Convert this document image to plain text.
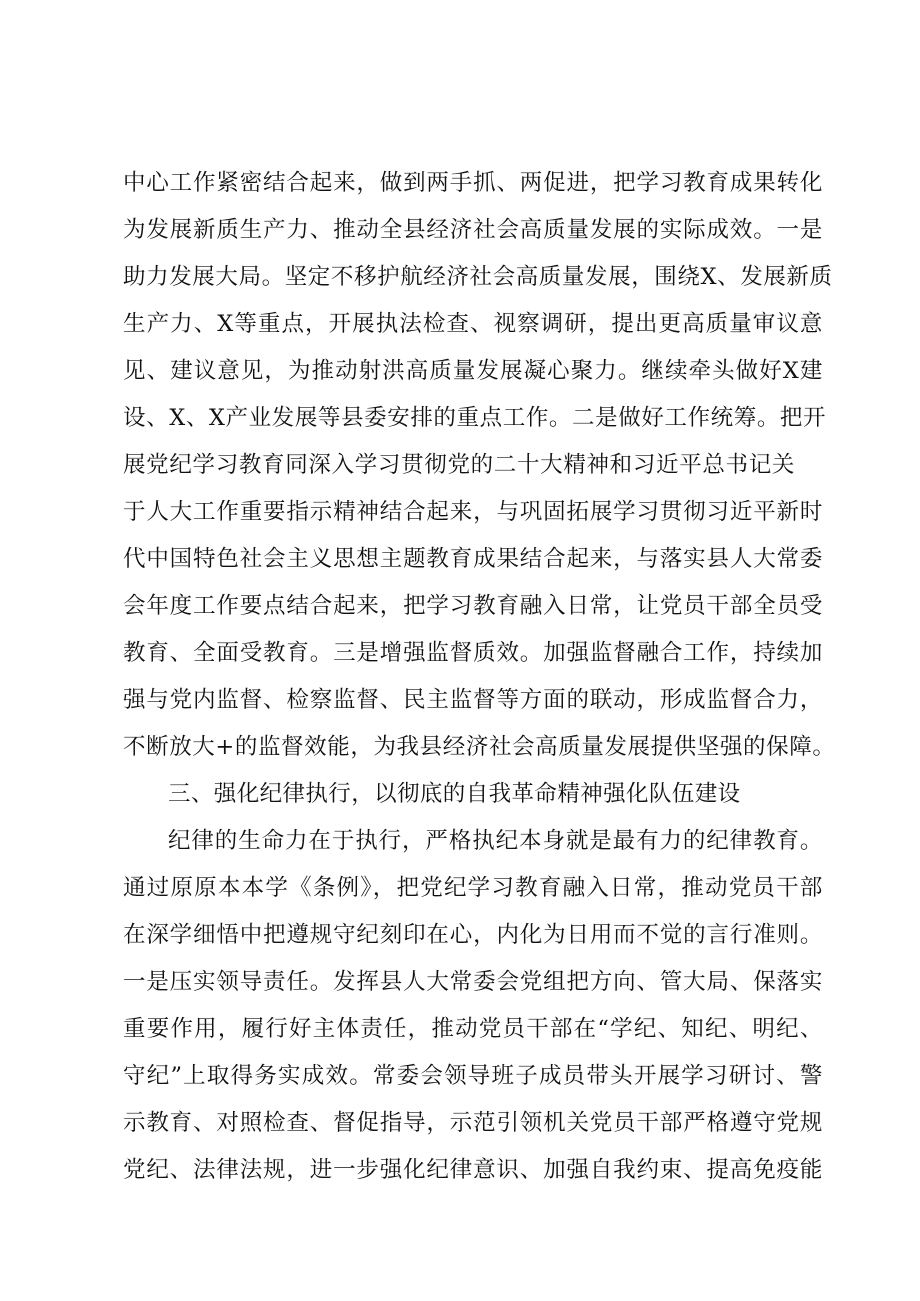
中心工作紧密结合起来，做到两手抓、两促进，把学习教育成果转化
为发展新质生产力、推动全县经济社会高质量发展的实际成效。一是
助力发展大局。坚定不移护航经济社会高质量发展，围绕X、发展新质
生产力、X等重点，开展执法检查、视察调研，提出更高质量审议意
见、建议意见，为推动射洪高质量发展凝心聚力。继续牵头做好X建
设、X、X产业发展等县委安排的重点工作。二是做好工作统筹。把开
展党纪学习教育同深入学习贯彻党的二十大精神和习近平总书记关
于人大工作重要指示精神结合起来，与巩固拓展学习贯彻习近平新时
代中国特色社会主义思想主题教育成果结合起来，与落实县人大常委
会年度工作要点结合起来，把学习教育融入日常，让党员干部全员受
教育、全面受教育。三是增强监督质效。加强监督融合工作，持续加
强与党内监督、检察监督、民主监督等方面的联动，形成监督合力，
不断放大+的监督效能，为我县经济社会高质量发展提供坚强的保障。
三、强化纪律执行，以彻底的自我革命精神强化队伍建设
纪律的生命力在于执行，严格执纪本身就是最有力的纪律教育。
通过原原本本学《条例》，把党纪学习教育融入日常，推动党员干部
在深学细悟中把遵规守纪刻印在心，内化为日用而不觉的言行准则。
一是压实领导责任。发挥县人大常委会党组把方向、管大局、保落实
重要作用，履行好主体责任，推动党员干部在“学纪、知纪、明纪、
守纪”上取得务实成效。常委会领导班子成员带头开展学习研讨、警
示教育、对照检查、督促指导，示范引领机关党员干部严格遵守党规
党纪、法律法规，进一步强化纪律意识、加强自我约束、提高免疫能
